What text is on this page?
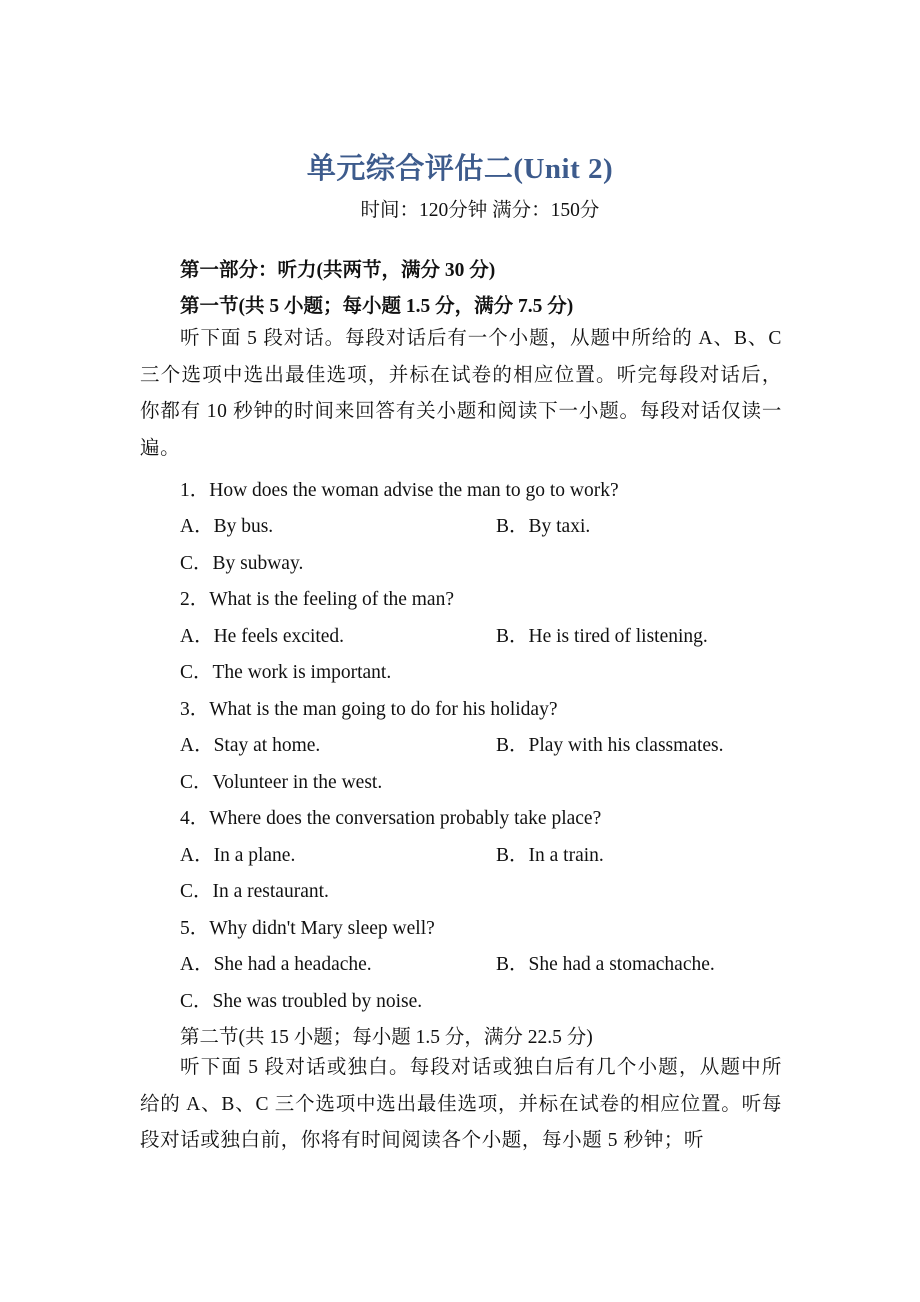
单元综合评估二(Unit 2)
时间：120分钟 满分：150分
第一部分：听力(共两节，满分 30 分)
第一节(共 5 小题；每小题 1.5 分，满分 7.5 分)
听下面 5 段对话。每段对话后有一个小题，从题中所给的 A、B、C 三个选项中选出最佳选项，并标在试卷的相应位置。听完每段对话后，你都有 10 秒钟的时间来回答有关小题和阅读下一小题。每段对话仅读一遍。
1．How does the woman advise the man to go to work?
A．By bus.	B．By taxi.
C．By subway.
2．What is the feeling of the man?
A．He feels excited.	B．He is tired of listening.
C．The work is important.
3．What is the man going to do for his holiday?
A．Stay at home.	B．Play with his classmates.
C．Volunteer in the west.
4．Where does the conversation probably take place?
A．In a plane.	B．In a train.
C．In a restaurant.
5．Why didn't Mary sleep well?
A．She had a headache.	B．She had a stomachache.
C．She was troubled by noise.
第二节(共 15 小题；每小题 1.5 分，满分 22.5 分)
听下面 5 段对话或独白。每段对话或独白后有几个小题，从题中所给的 A、B、C 三个选项中选出最佳选项，并标在试卷的相应位置。听每段对话或独白前，你将有时间阅读各个小题，每小题 5 秒钟；听
